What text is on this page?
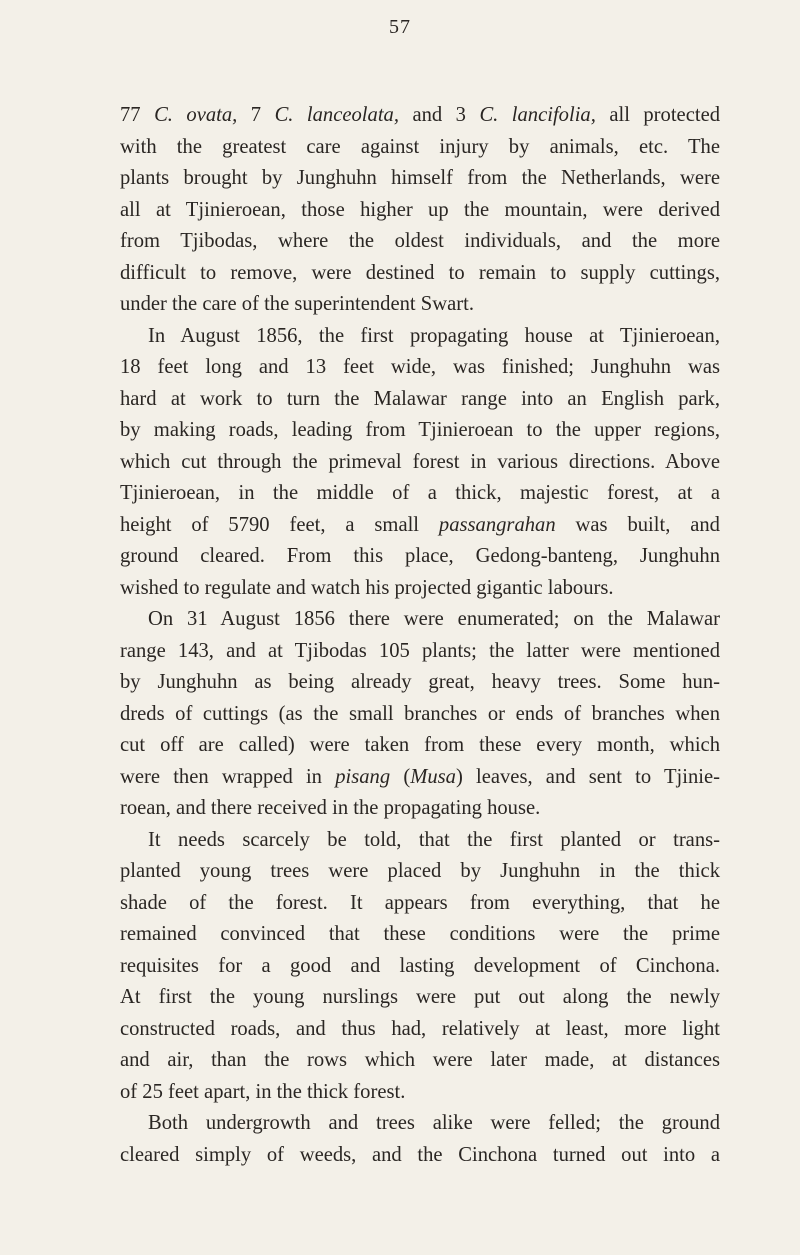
57
77 C. ovata, 7 C. lanceolata, and 3 C. lancifolia, all protected
with the greatest care against injury by animals, etc. The
plants brought by Junghuhn himself from the Netherlands, were
all at Tjinieroean, those higher up the mountain, were derived
from Tjibodas, where the oldest individuals, and the more
difficult to remove, were destined to remain to supply cuttings,
under the care of the superintendent Swart.
In August 1856, the first propagating house at Tjinieroean,
18 feet long and 13 feet wide, was finished; Junghuhn was
hard at work to turn the Malawar range into an English park,
by making roads, leading from Tjinieroean to the upper regions,
which cut through the primeval forest in various directions. Above
Tjinieroean, in the middle of a thick, majestic forest, at a
height of 5790 feet, a small passangrahan was built, and
ground cleared. From this place, Gedong-banteng, Junghuhn
wished to regulate and watch his projected gigantic labours.
On 31 August 1856 there were enumerated; on the Malawar
range 143, and at Tjibodas 105 plants; the latter were mentioned
by Junghuhn as being already great, heavy trees. Some hun-
dreds of cuttings (as the small branches or ends of branches when
cut off are called) were taken from these every month, which
were then wrapped in pisang (Musa) leaves, and sent to Tjinie-
roean, and there received in the propagating house.
It needs scarcely be told, that the first planted or trans-
planted young trees were placed by Junghuhn in the thick
shade of the forest. It appears from everything, that he
remained convinced that these conditions were the prime
requisites for a good and lasting development of Cinchona.
At first the young nurslings were put out along the newly
constructed roads, and thus had, relatively at least, more light
and air, than the rows which were later made, at distances
of 25 feet apart, in the thick forest.
Both undergrowth and trees alike were felled; the ground
cleared simply of weeds, and the Cinchona turned out into a
